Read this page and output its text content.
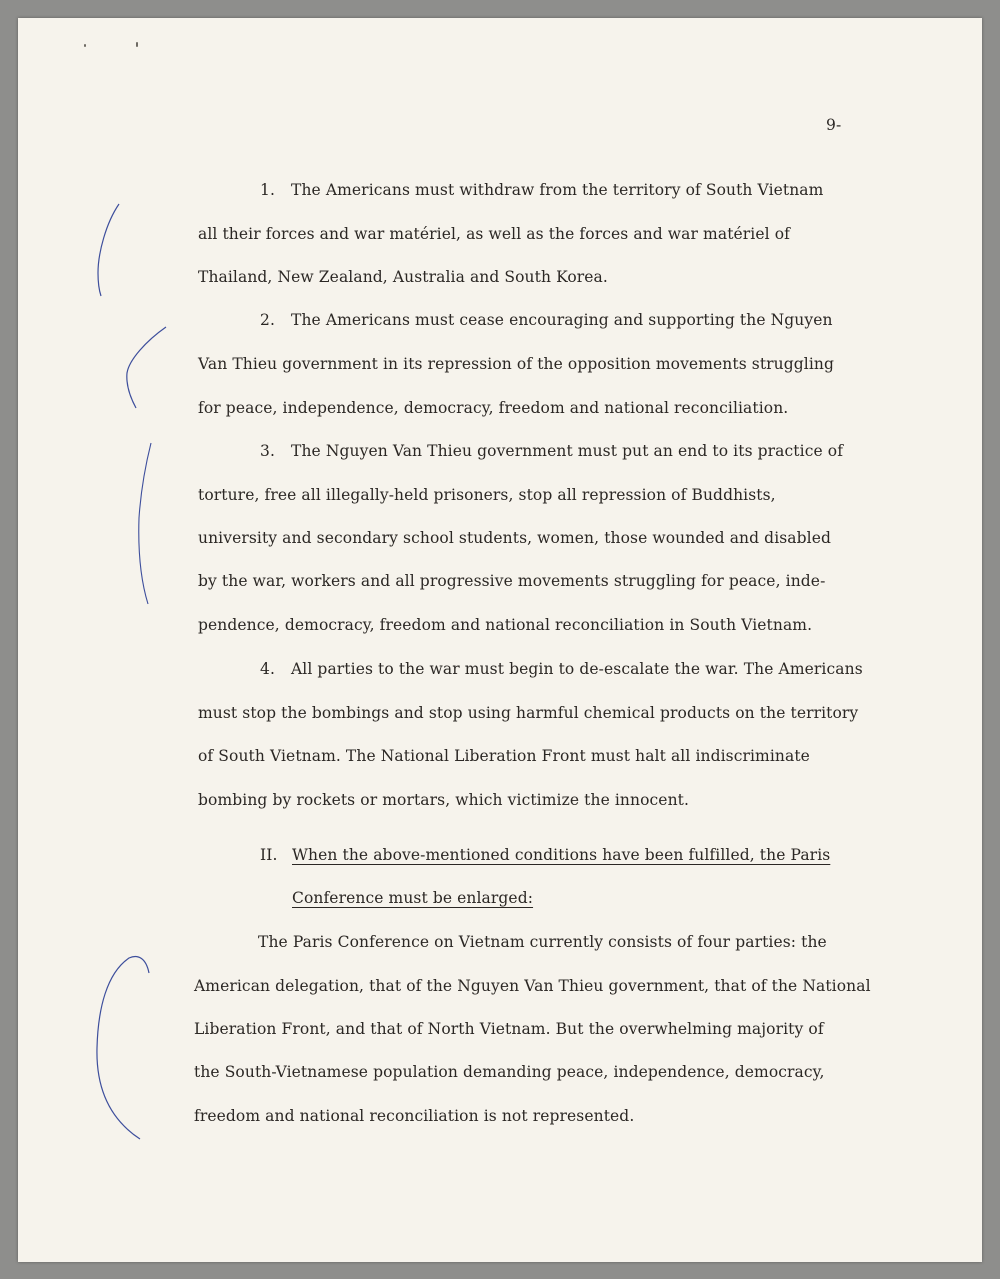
9-
1. The Americans must withdraw from the territory of South Vietnam
all their forces and war matériel, as well as the forces and war matériel of
Thailand, New Zealand, Australia and South Korea.
2. The Americans must cease encouraging and supporting the Nguyen
Van Thieu government in its repression of the opposition movements struggling
for peace, independence, democracy, freedom and national reconciliation.
3. The Nguyen Van Thieu government must put an end to its practice of
torture, free all illegally-held prisoners, stop all repression of Buddhists,
university and secondary school students, women, those wounded and disabled
by the war, workers and all progressive movements struggling for peace, inde-
pendence, democracy, freedom and national reconciliation in South Vietnam.
4. All parties to the war must begin to de-escalate the war. The Americans
must stop the bombings and stop using harmful chemical products on the territory
of South Vietnam. The National Liberation Front must halt all indiscriminate
bombing by rockets or mortars, which victimize the innocent.
II. When the above-mentioned conditions have been fulfilled, the Paris
Conference must be enlarged:
The Paris Conference on Vietnam currently consists of four parties: the
American delegation, that of the Nguyen Van Thieu government, that of the National
Liberation Front, and that of North Vietnam. But the overwhelming majority of
the South-Vietnamese population demanding peace, independence, democracy,
freedom and national reconciliation is not represented.
